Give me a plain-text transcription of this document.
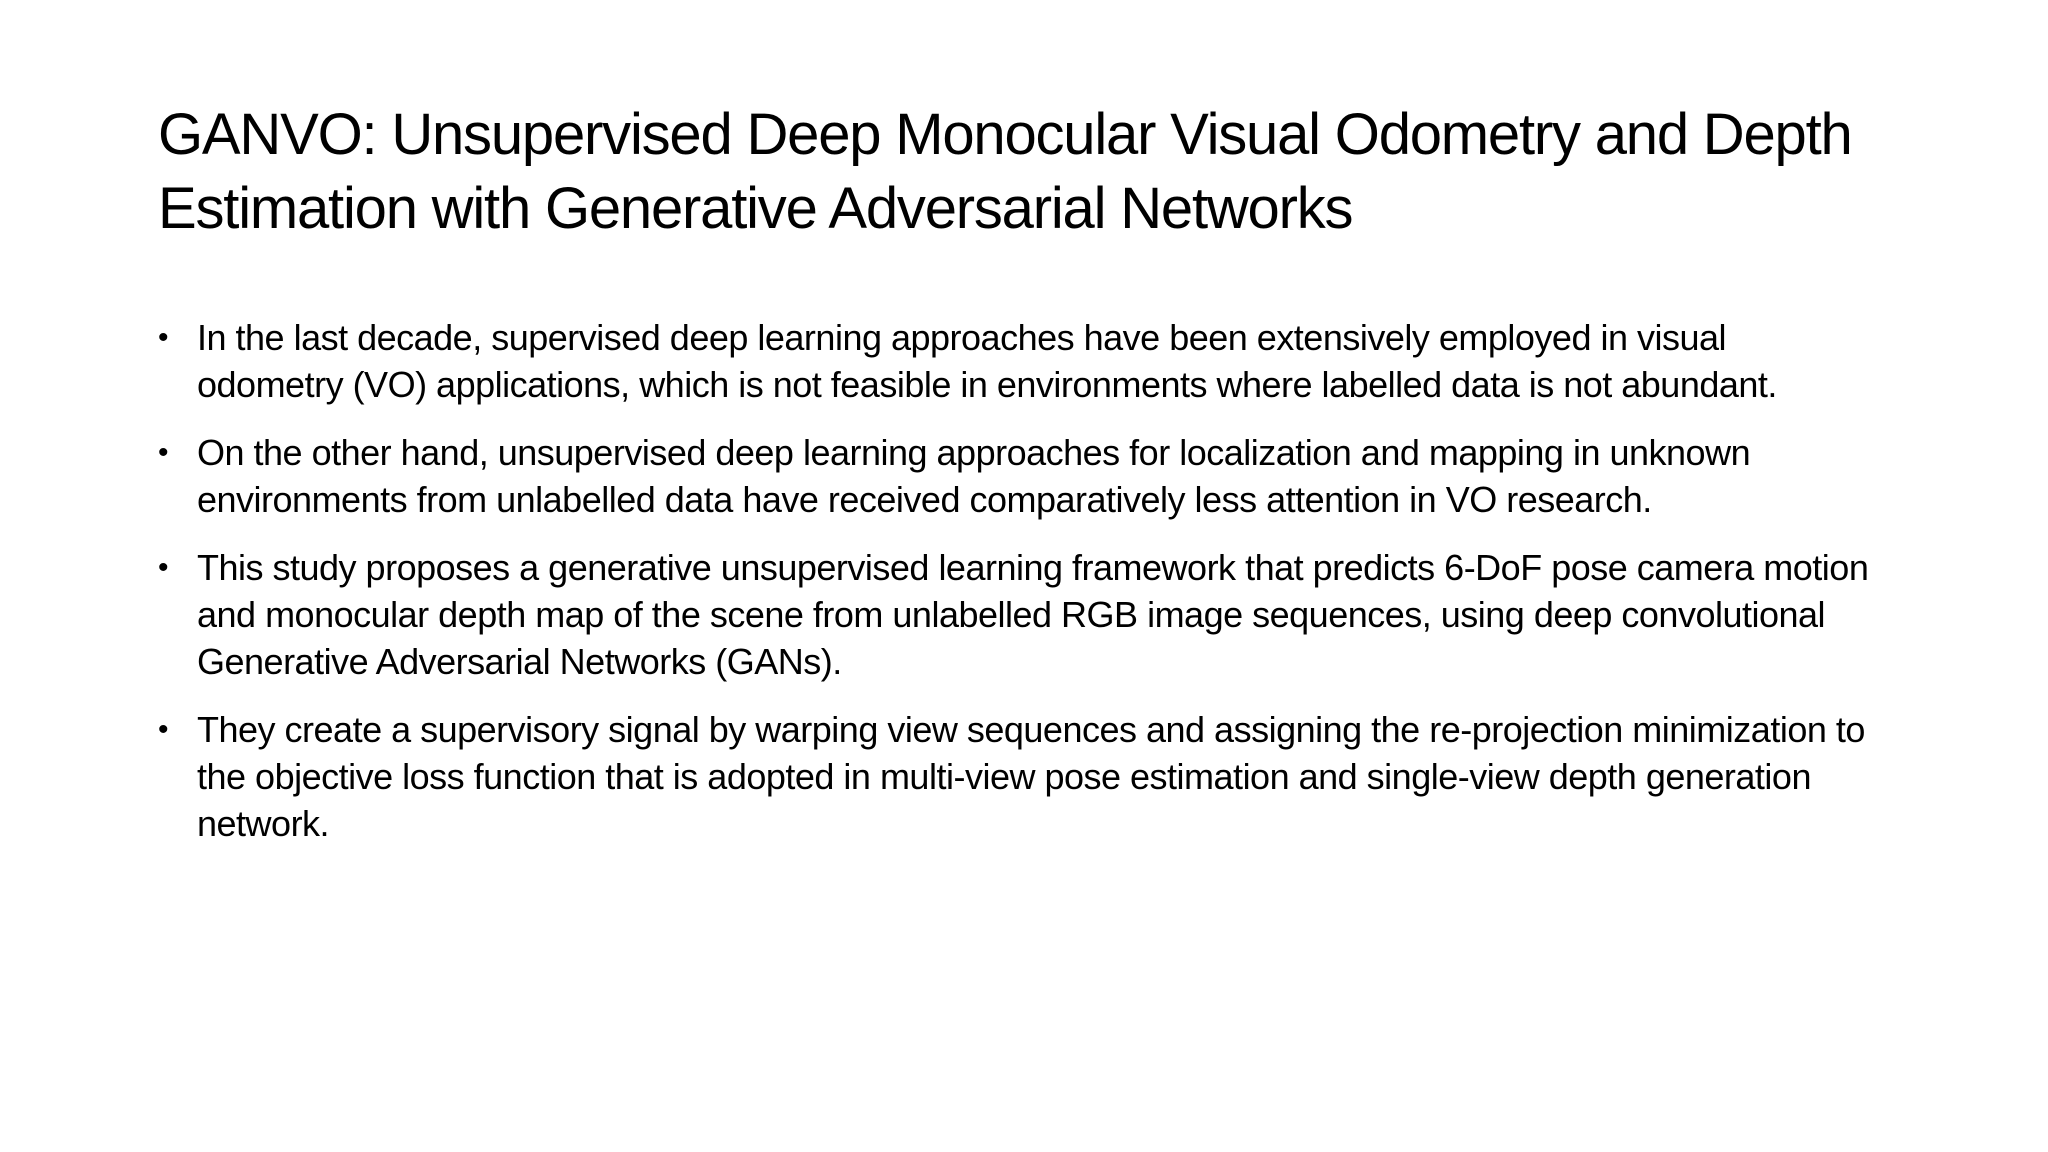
GANVO: Unsupervised Deep Monocular Visual Odometry and Depth Estimation with Generative Adversarial Networks
• In the last decade, supervised deep learning approaches have been extensively employed in visual odometry (VO) applications, which is not feasible in environments where labelled data is not abundant.
• On the other hand, unsupervised deep learning approaches for localization and mapping in unknown environments from unlabelled data have received comparatively less attention in VO research.
• This study proposes a generative unsupervised learning framework that predicts 6-DoF pose camera motion and monocular depth map of the scene from unlabelled RGB image sequences, using deep convolutional Generative Adversarial Networks (GANs).
• They create a supervisory signal by warping view sequences and assigning the re-projection minimization to the objective loss function that is adopted in multi-view pose estimation and single-view depth generation network.
